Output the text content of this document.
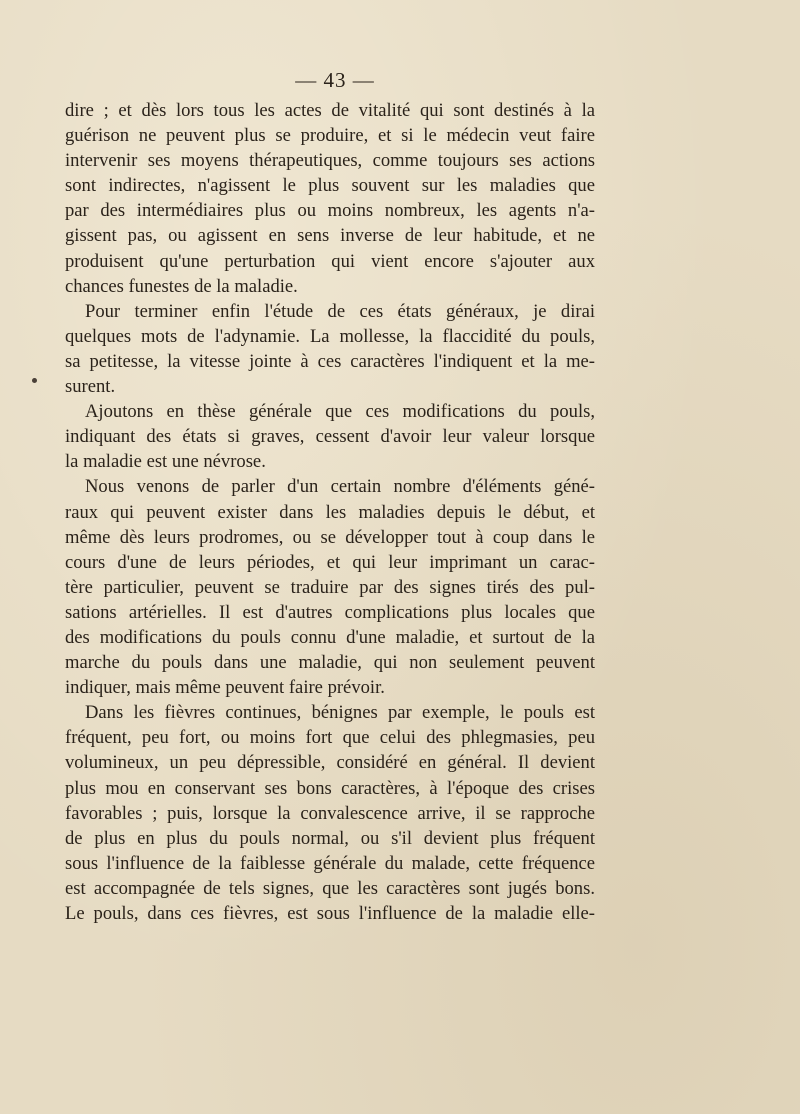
— 43 —
dire ; et dès lors tous les actes de vitalité qui sont destinés à la
guérison ne peuvent plus se produire, et si le médecin veut faire
intervenir ses moyens thérapeutiques, comme toujours ses actions
sont indirectes, n'agissent le plus souvent sur les maladies que
par des intermédiaires plus ou moins nombreux, les agents n'a-
gissent pas, ou agissent en sens inverse de leur habitude, et ne
produisent qu'une perturbation qui vient encore s'ajouter aux
chances funestes de la maladie.
Pour terminer enfin l'étude de ces états généraux, je dirai
quelques mots de l'adynamie. La mollesse, la flaccidité du pouls,
sa petitesse, la vitesse jointe à ces caractères l'indiquent et la me-
surent.
Ajoutons en thèse générale que ces modifications du pouls,
indiquant des états si graves, cessent d'avoir leur valeur lorsque
la maladie est une névrose.
Nous venons de parler d'un certain nombre d'éléments géné-
raux qui peuvent exister dans les maladies depuis le début, et
même dès leurs prodromes, ou se développer tout à coup dans le
cours d'une de leurs périodes, et qui leur imprimant un carac-
tère particulier, peuvent se traduire par des signes tirés des pul-
sations artérielles. Il est d'autres complications plus locales que
des modifications du pouls connu d'une maladie, et surtout de la
marche du pouls dans une maladie, qui non seulement peuvent
indiquer, mais même peuvent faire prévoir.
Dans les fièvres continues, bénignes par exemple, le pouls est
fréquent, peu fort, ou moins fort que celui des phlegmasies, peu
volumineux, un peu dépressible, considéré en général. Il devient
plus mou en conservant ses bons caractères, à l'époque des crises
favorables ; puis, lorsque la convalescence arrive, il se rapproche
de plus en plus du pouls normal, ou s'il devient plus fréquent
sous l'influence de la faiblesse générale du malade, cette fréquence
est accompagnée de tels signes, que les caractères sont jugés bons.
Le pouls, dans ces fièvres, est sous l'influence de la maladie elle-
